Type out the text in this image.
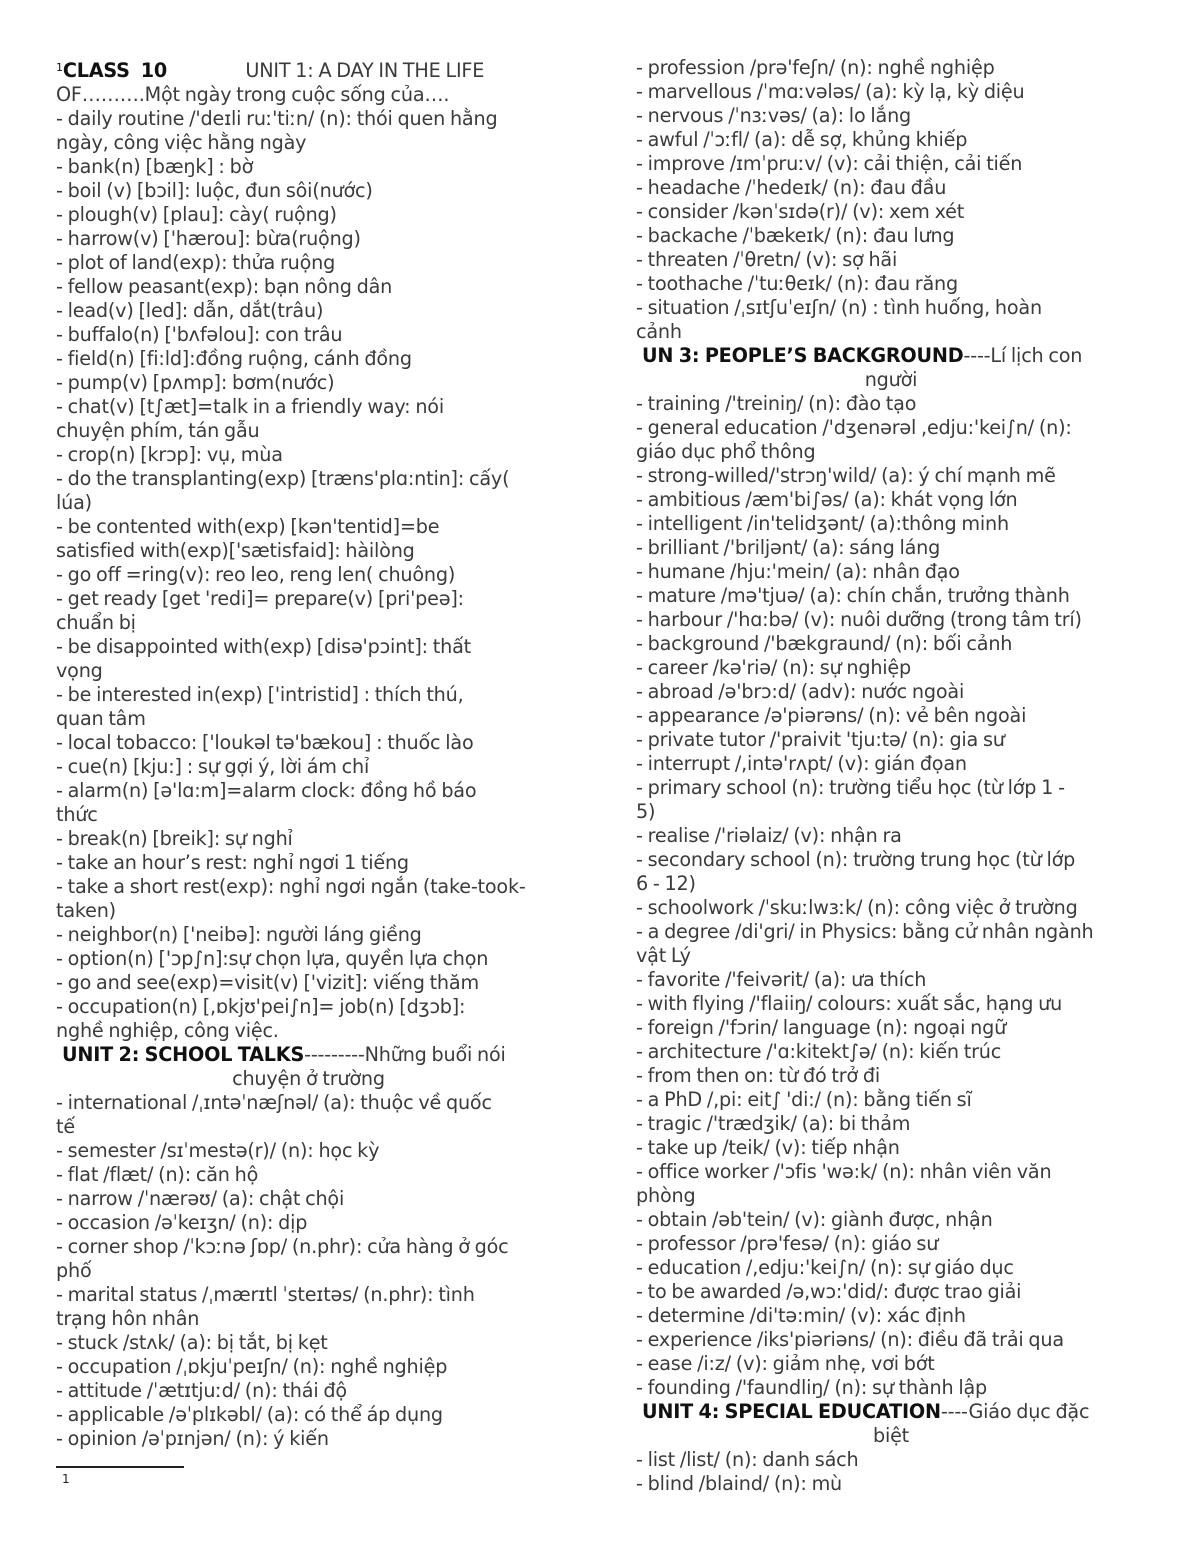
$^1$CLASS  10	UNIT 1: A DAY IN THE LIFE
OF……….Một ngày trong cuộc sống của….
- daily routine /'deɪli ruː'tiːn/ (n): thói quen hằng
ngày, công việc hằng ngày
- bank(n) [bæŋk] : bờ
- boil (v) [bɔil]: luộc, đun sôi(nước)
- plough(v) [plau]: cày( ruộng)
- harrow(v) ['hærou]: bừa(ruộng)
- plot of land(exp): thửa ruộng
- fellow peasant(exp): bạn nông dân
- lead(v) [led]: dẫn, dắt(trâu)
- buffalo(n) ['bʌfəlou]: con trâu
- field(n) [fi:ld]:đồng ruộng, cánh đồng
- pump(v) [pʌmp]: bơm(nước)
- chat(v) [t∫æt]=talk in a friendly way: nói
chuyện phím, tán gẫu
- crop(n) [krɔp]: vụ, mùa
- do the transplanting(exp) [træns'plɑ:ntin]: cấy(
lúa)
- be contented with(exp) [kən'tentid]=be
satisfied with(exp)['sætisfaid]: hàilòng
- go off =ring(v): reo leo, reng len( chuông)
- get ready [get 'redi]= prepare(v) [pri'peə]:
chuẩn bị
- be disappointed with(exp) [disə'pɔint]: thất
vọng
- be interested in(exp) ['intristid] : thích thú,
quan tâm
- local tobacco: ['loukəl tə'bækou] : thuốc lào
- cue(n) [kju:] : sự gợi ý, lời ám chỉ
- alarm(n) [ə'lɑ:m]=alarm clock: đồng hồ báo
thức
- break(n) [breik]: sự nghỉ
- take an hour’s rest: nghỉ ngơi 1 tiếng
- take a short rest(exp): nghỉ ngơi ngắn (take-took-
taken)
- neighbor(n) ['neibə]: người láng giềng
- option(n) ['ɔp∫n]:sự chọn lựa, quyền lựa chọn
- go and see(exp)=visit(v) ['vizit]: viếng thăm
- occupation(n) [,ɒkjʊ'pei∫n]= job(n) [dʒɔb]:
nghề nghiệp, công việc.
UNIT 2: SCHOOL TALKS---------Những buổi nói
chuyện ở trường
- international /ˌɪntəˈnæʃnəl/ (a): thuộc về quốc
tế
- semester /sɪˈmestə(r)/ (n): học kỳ
- flat /flæt/ (n): căn hộ
- narrow /ˈnærəʊ/ (a): chật chội
- occasion /əˈkeɪʒn/ (n): dịp
- corner shop /ˈkɔːnə ʃɒp/ (n.phr): cửa hàng ở góc
phố
- marital status /ˌmærɪtl ˈsteɪtəs/ (n.phr): tình
trạng hôn nhân
- stuck /stʌk/ (a): bị tắt, bị kẹt
- occupation /ˌɒkjuˈpeɪʃn/ (n): nghề nghiệp
- attitude /ˈætɪtjuːd/ (n): thái độ
- applicable /əˈplɪkəbl/ (a): có thể áp dụng
- opinion /əˈpɪnjən/ (n): ý kiến
- profession /prə'feʃn/ (n): nghề nghiệp
- marvellous /ˈmɑːvələs/ (a): kỳ lạ, kỳ diệu
- nervous /ˈnɜːvəs/ (a): lo lắng
- awful /ˈɔːfl/ (a): dễ sợ, khủng khiếp
- improve /ɪmˈpruːv/ (v): cải thiện, cải tiến
- headache /ˈhedeɪk/ (n): đau đầu
- consider /kənˈsɪdə(r)/ (v): xem xét
- backache /ˈbækeɪk/ (n): đau lưng
- threaten /ˈθretn/ (v): sợ hãi
- toothache /ˈtuːθeɪk/ (n): đau răng
- situation /ˌsɪtʃuˈeɪʃn/ (n) : tình huống, hoàn
cảnh
UN 3: PEOPLE’S BACKGROUND----Lí lịch con
người
- training /'treiniŋ/ (n): đào tạo
- general education /'dʒenərəl ,edju:'kei∫n/ (n):
giáo dục phổ thông
- strong-willed/'strɔŋ'wild/ (a): ý chí mạnh mẽ
- ambitious /æm'bi∫əs/ (a): khát vọng lớn
- intelligent /in'telidʒənt/ (a):thông minh
- brilliant /'briljənt/ (a): sáng láng
- humane /hju:'mein/ (a): nhân đạo
- mature /mə'tjuə/ (a): chín chắn, trưởng thành
- harbour /'hɑ:bə/ (v): nuôi dưỡng (trong tâm trí)
- background /'bækgraund/ (n): bối cảnh
- career /kə'riə/ (n): sự nghiệp
- abroad /ə'brɔ:d/ (adv): nước ngoài
- appearance /ə'piərəns/ (n): vẻ bên ngoài
- private tutor /'praivit 'tju:tə/ (n): gia sư
- interrupt /,intə'rʌpt/ (v): gián đọan
- primary school (n): trường tiểu học (từ lớp 1 -
5)
- realise /'riəlaiz/ (v): nhận ra
- secondary school (n): trường trung học (từ lớp
6 - 12)
- schoolwork /ˈskuːlwɜːk/ (n): công việc ở trường
- a degree /di'gri/ in Physics: bằng cử nhân ngành
vật Lý
- favorite /'feivərit/ (a): ưa thích
- with flying /'flaiiŋ/ colours: xuất sắc, hạng ưu
- foreign /'fɔrin/ language (n): ngoại ngữ
- architecture /'ɑ:kitekt∫ə/ (n): kiến trúc
- from then on: từ đó trở đi
- a PhD /,pi: eit∫ 'di:/ (n): bằng tiến sĩ
- tragic /'trædʒik/ (a): bi thảm
- take up /teik/ (v): tiếp nhận
- office worker /'ɔfis 'wə:k/ (n): nhân viên văn
phòng
- obtain /əb'tein/ (v): giành được, nhận
- professor /prə'fesə/ (n): giáo sư
- education /,edju:'kei∫n/ (n): sự giáo dục
- to be awarded /ə,wɔ:'did/: được trao giải
- determine /di'tə:min/ (v): xác định
- experience /iks'piəriəns/ (n): điều đã trải qua
- ease /i:z/ (v): giảm nhẹ, vơi bớt
- founding /'faundliŋ/ (n): sự thành lập
UNIT 4: SPECIAL EDUCATION----Giáo dục đặc
biệt
- list /list/ (n): danh sách
- blind /blaind/ (n): mù
1
